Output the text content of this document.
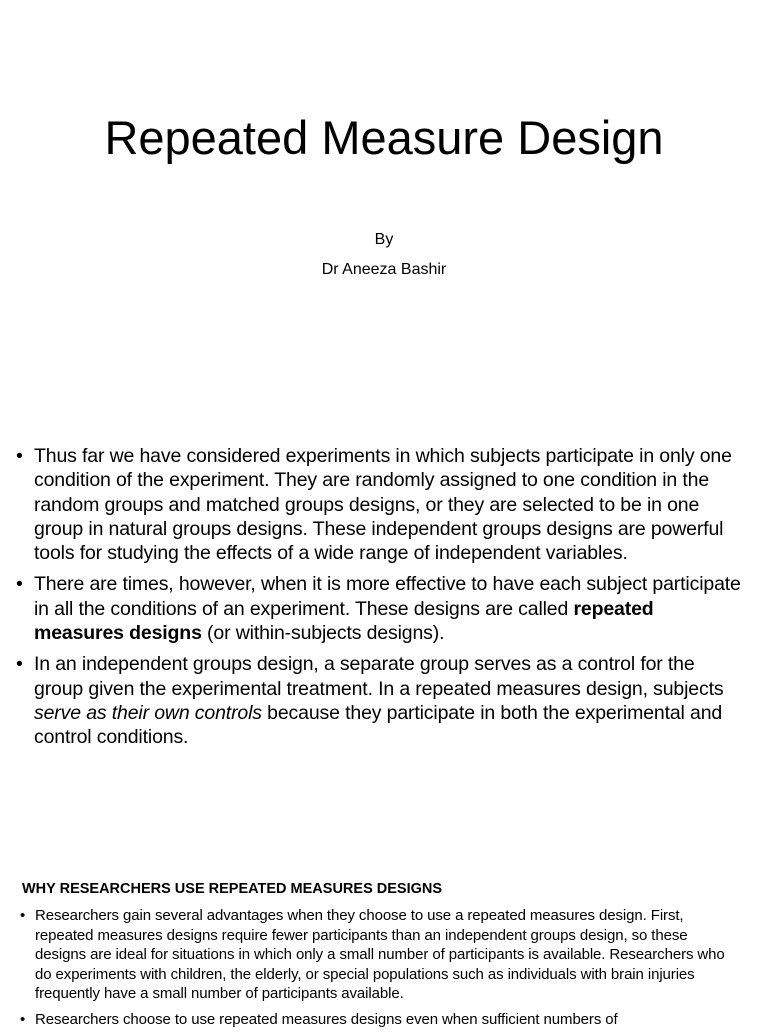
Repeated Measure Design
By
Dr Aneeza Bashir
• Thus far we have considered experiments in which subjects participate in only one condition of the experiment. They are randomly assigned to one condition in the random groups and matched groups designs, or they are selected to be in one group in natural groups designs. These independent groups designs are powerful tools for studying the effects of a wide range of independent variables.
• There are times, however, when it is more effective to have each subject participate in all the conditions of an experiment. These designs are called repeated measures designs (or within-subjects designs).
• In an independent groups design, a separate group serves as a control for the group given the experimental treatment. In a repeated measures design, subjects serve as their own controls because they participate in both the experimental and control conditions.
WHY RESEARCHERS USE REPEATED MEASURES DESIGNS
• Researchers gain several advantages when they choose to use a repeated measures design. First, repeated measures designs require fewer participants than an independent groups design, so these designs are ideal for situations in which only a small number of participants is available. Researchers who do experiments with children, the elderly, or special populations such as individuals with brain injuries frequently have a small number of participants available.
• Researchers choose to use repeated measures designs even when sufficient numbers of
